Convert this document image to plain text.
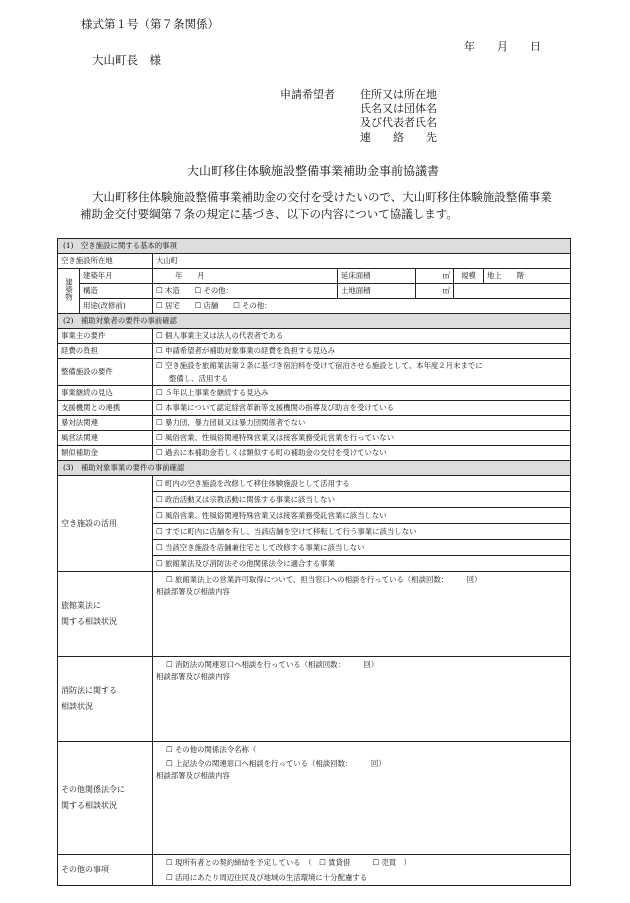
様式第１号（第７条関係）
年　　月　　日
大山町長　様
申請希望者 住所又は所在地
氏名又は団体名
及び代表者氏名
連　　絡　　先
大山町移住体験施設整備事業補助金事前協議書
大山町移住体験施設整備事業補助金の交付を受けたいので、大山町移住体験施設整備事業補助金交付要綱第７条の規定に基づき、以下の内容について協議します。
(1)　空き施設に関する基本的事項						
空き施設所在地		大山町				
建築物	建築年月	年　　月	延床面積	㎡	規模	地上　　階
	構造	☐ 木造　　☐ その他：	土地面積	㎡		
	用途(改修前)	☐ 居宅　　☐ 店舗　　☐ その他：				
(2)　補助対象者の要件の事前確認						
事業主の要件		☐ 個人事業主又は法人の代表者である				
経費の負担		☐ 申請希望者が補助対象事業の経費を負担する見込み				
整備施設の要件		☐ 空き施設を旅館業法第２条に基づき宿泊料を受けて宿泊させる施設として、本年度２月末までに
整備し、活用する				

事業継続の見込		☐ ５年以上事業を継続する見込み				
支援機関との連携		☐ 本事業について認定経営革新等支援機関の指導及び助言を受けている				
暴対法関連		☐ 暴力団、暴力団員又は暴力団関係者でない				
風営法関連		☐ 風俗営業、性風俗関連特殊営業又は接客業務受託営業を行っていない				
類似補助金		☐ 過去に本補助金若しくは類似する町の補助金の交付を受けていない				
(3)　補助対象事業の要件の事前確認						
空き施設の活用		☐ 町内の空き施設を改修して移住体験施設として活用する				
		☐ 政治活動又は宗教活動に関係する事業に該当しない				
		☐ 風俗営業、性風俗関連特殊営業又は接客業務受託営業に該当しない				
		☐ すでに町内に店舗を有し、当該店舗を空けて移転して行う事業に該当しない				
		☐ 当該空き施設を店舗兼住宅として改修する事業に該当しない				
		☐ 旅館業法及び消防法その他関係法令に適合する事業				

旅館業法に
関する相談状況		☐ 旅館業法上の営業許可取得について、担当窓口への相談を行っている（相談回数：　　　回）
相談部署及び相談内容				

消防法に関する
相談状況		☐ 消防法の関連窓口へ相談を行っている（相談回数：　　　回）
相談部署及び相談内容				

その他関係法令に
関する相談状況		☐ その他の関係法令名称（
☐ 上記法令の関連窓口へ相談を行っている（相談回数：　　　回）
相談部署及び相談内容				

その他の事項		☐ 現所有者との契約締結を予定している　（　☐ 賃貸借　　　☐ 売買　）
☐ 活用にあたり周辺住民及び地域の生活環境に十分配慮する				
